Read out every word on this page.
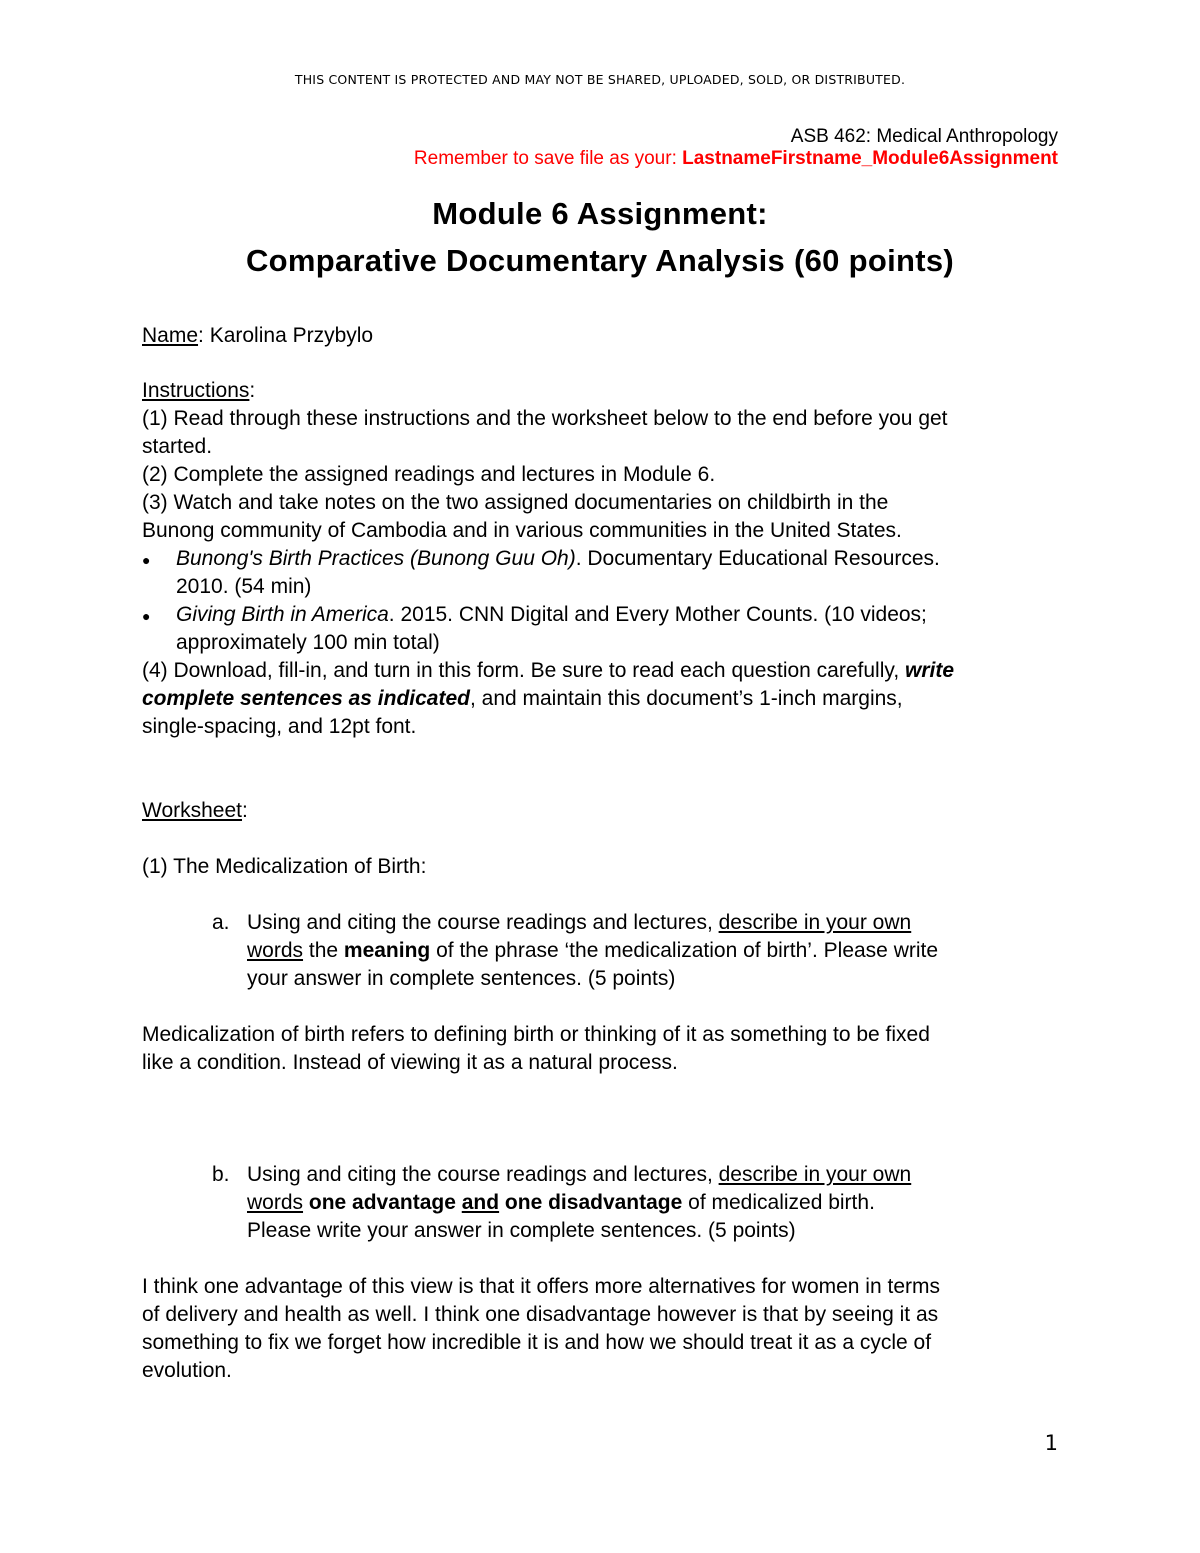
THIS CONTENT IS PROTECTED AND MAY NOT BE SHARED, UPLOADED, SOLD, OR DISTRIBUTED.
ASB 462: Medical Anthropology
Remember to save file as your: LastnameFirstname_Module6Assignment
Module 6 Assignment:
Comparative Documentary Analysis (60 points)
Name: Karolina Przybylo
Instructions:
(1) Read through these instructions and the worksheet below to the end before you get
started.
(2) Complete the assigned readings and lectures in Module 6.
(3) Watch and take notes on the two assigned documentaries on childbirth in the
Bunong community of Cambodia and in various communities in the United States.
● Bunong's Birth Practices (Bunong Guu Oh). Documentary Educational Resources.
2010. (54 min)
● Giving Birth in America. 2015. CNN Digital and Every Mother Counts. (10 videos;
approximately 100 min total)
(4) Download, fill-in, and turn in this form. Be sure to read each question carefully, write
complete sentences as indicated, and maintain this document’s 1-inch margins,
single-spacing, and 12pt font.
Worksheet:
(1) The Medicalization of Birth:
a. Using and citing the course readings and lectures, describe in your own
words the meaning of the phrase ‘the medicalization of birth’. Please write
your answer in complete sentences. (5 points)
Medicalization of birth refers to defining birth or thinking of it as something to be fixed
like a condition. Instead of viewing it as a natural process.
b. Using and citing the course readings and lectures, describe in your own
words one advantage and one disadvantage of medicalized birth.
Please write your answer in complete sentences. (5 points)
I think one advantage of this view is that it offers more alternatives for women in terms
of delivery and health as well. I think one disadvantage however is that by seeing it as
something to fix we forget how incredible it is and how we should treat it as a cycle of
evolution.
1
